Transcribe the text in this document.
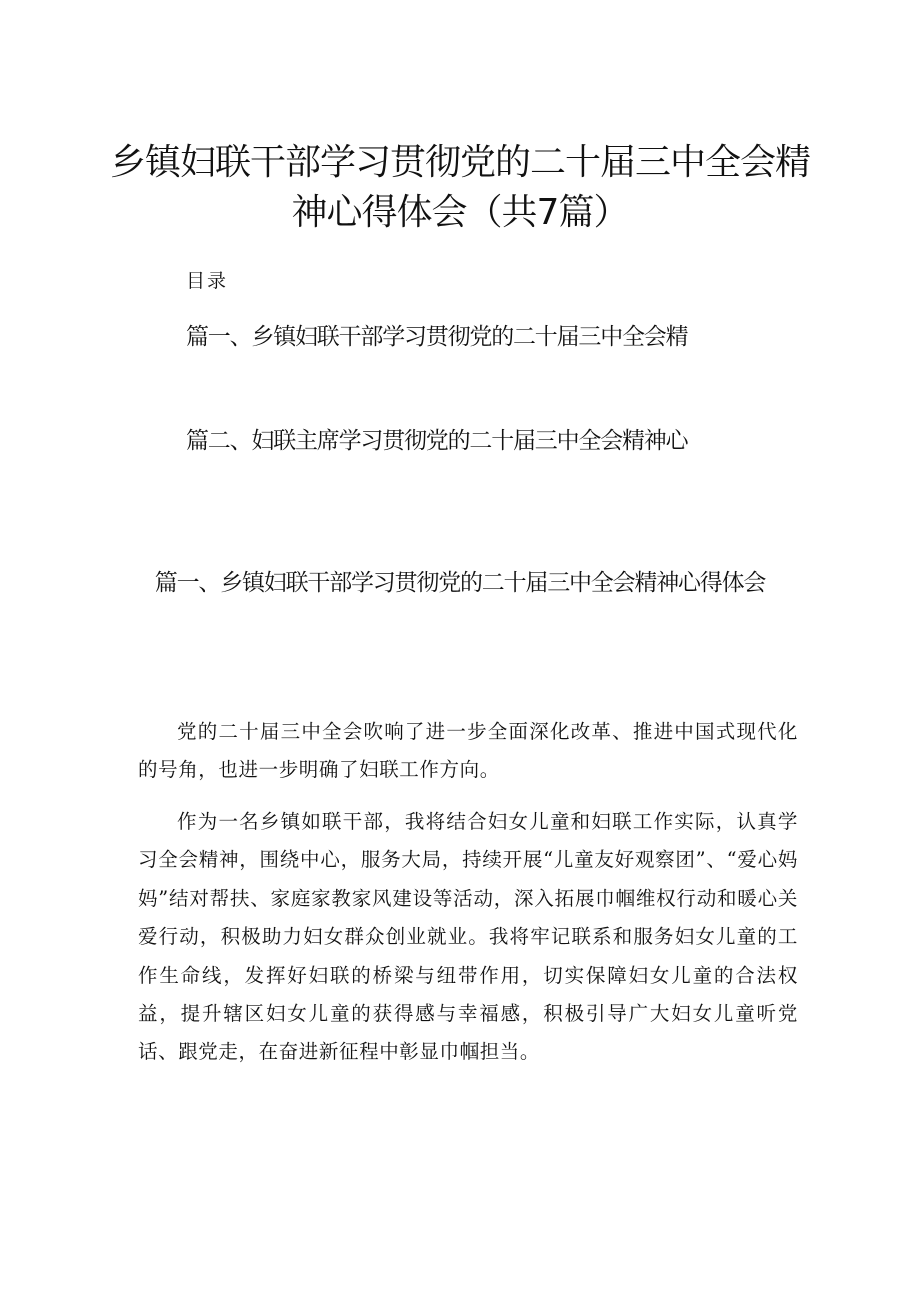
乡镇妇联干部学习贯彻党的二十届三中全会精神心得体会（共7篇）
目录
篇一、乡镇妇联干部学习贯彻党的二十届三中全会精
篇二、妇联主席学习贯彻党的二十届三中全会精神心
篇一、乡镇妇联干部学习贯彻党的二十届三中全会精神心得体会

党的二十届三中全会吹响了进一步全面深化改革、推进中国式现代化的号角，也进一步明确了妇联工作方向。

作为一名乡镇如联干部，我将结合妇女儿童和妇联工作实际，认真学习全会精神，围绕中心，服务大局，持续开展“儿童友好观察团”、“爱心妈妈”结对帮扶、家庭家教家风建设等活动，深入拓展巾帼维权行动和暖心关爱行动，积极助力妇女群众创业就业。我将牢记联系和服务妇女儿童的工作生命线，发挥好妇联的桥梁与纽带作用，切实保障妇女儿童的合法权益，提升辖区妇女儿童的获得感与幸福感，积极引导广大妇女儿童听党话、跟党走，在奋进新征程中彰显巾帼担当。
